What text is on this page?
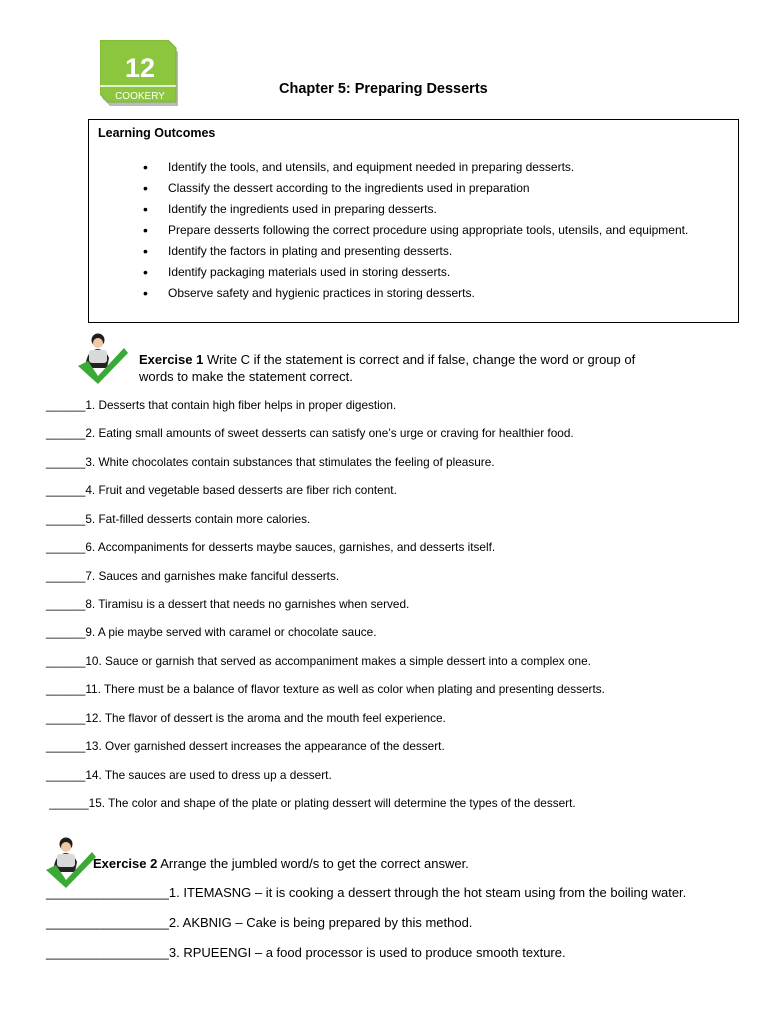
12
COOKERY	Chapter 5: Preparing Desserts
Learning Outcomes
• Identify the tools, and utensils, and equipment needed in preparing desserts.
• Classify the dessert according to the ingredients used in preparation
• Identify the ingredients used in preparing desserts.
• Prepare desserts following the correct procedure using appropriate tools, utensils, and equipment.
• Identify the factors in plating and presenting desserts.
• Identify packaging materials used in storing desserts.
• Observe safety and hygienic practices in storing desserts.
Exercise 1 Write C if the statement is correct and if false, change the word or group of
words to make the statement correct.
______1. Desserts that contain high fiber helps in proper digestion.
______2. Eating small amounts of sweet desserts can satisfy one’s urge or craving for healthier food.
______3. White chocolates contain substances that stimulates the feeling of pleasure.
______4. Fruit and vegetable based desserts are fiber rich content.
______5. Fat-filled desserts contain more calories.
______6. Accompaniments for desserts maybe sauces, garnishes, and desserts itself.
______7. Sauces and garnishes make fanciful desserts.
______8. Tiramisu is a dessert that needs no garnishes when served.
______9. A pie maybe served with caramel or chocolate sauce.
______10. Sauce or garnish that served as accompaniment makes a simple dessert into a complex one.
______11. There must be a balance of flavor texture as well as color when plating and presenting desserts.
______12. The flavor of dessert is the aroma and the mouth feel experience.
______13. Over garnished dessert increases the appearance of the dessert.
______14. The sauces are used to dress up a dessert.
______15. The color and shape of the plate or plating dessert will determine the types of the dessert.
Exercise 2 Arrange the jumbled word/s to get the correct answer.
_________________1. ITEMASNG – it is cooking a dessert through the hot steam using from the boiling water.
_________________2. AKBNIG – Cake is being prepared by this method.
_________________3. RPUEENGI – a food processor is used to produce smooth texture.
